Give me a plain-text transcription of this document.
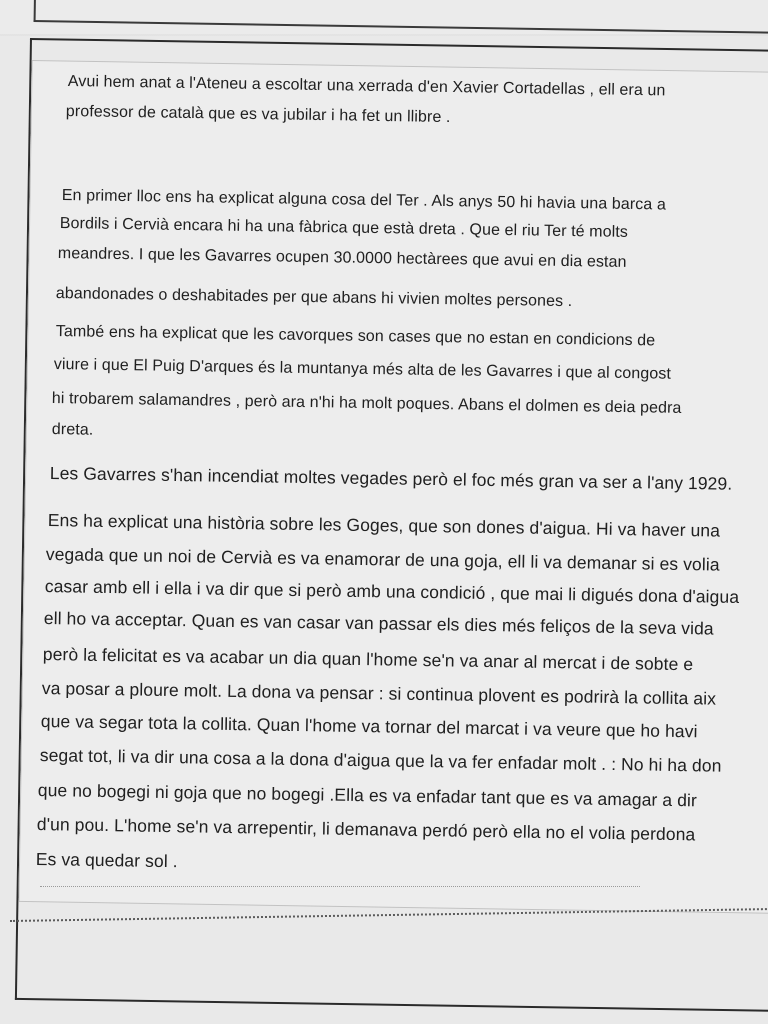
Avui hem anat a l'Ateneu a escoltar una xerrada d'en Xavier Cortadellas , ell era un
professor de català que es va jubilar i ha fet un llibre .
En primer lloc ens ha explicat alguna cosa del Ter . Als anys 50 hi havia una barca a
Bordils i Cervià encara hi ha una fàbrica que està dreta . Que el riu Ter té molts
meandres. I que les Gavarres ocupen 30.0000 hectàrees que avui en dia estan
abandonades o deshabitades per que abans hi vivien moltes persones .
També ens ha explicat que les cavorques son cases que no estan en condicions de
viure i que El Puig D'arques és la muntanya més alta de les Gavarres i que al congost
hi trobarem salamandres , però ara n'hi ha molt poques. Abans el dolmen es deia pedra
dreta.
Les Gavarres s'han incendiat moltes vegades però el foc més gran va ser a l'any 1929.
Ens ha explicat una història sobre les Goges, que son dones d'aigua. Hi va haver una
vegada que un noi de Cervià es va enamorar de una goja, ell li va demanar si es volia
casar amb ell i ella i va dir que si però amb una condició , que mai li digués dona d'aigua
ell ho va acceptar. Quan es van casar van passar els dies més feliços de la seva vida
però la felicitat es va acabar un dia quan l'home se'n va anar al mercat i de sobte e
va posar a ploure molt. La dona va pensar : si continua plovent es podrirà la collita aix
que va segar tota la collita. Quan l'home va tornar del marcat i va veure que ho havi
segat tot, li va dir una cosa a la dona d'aigua que la va fer enfadar molt . : No hi ha don
que no bogegi ni goja que no bogegi .Ella es va enfadar tant que es va amagar a dir
d'un pou. L'home se'n va arrepentir, li demanava perdó però ella no el volia perdona
Es va quedar sol .
